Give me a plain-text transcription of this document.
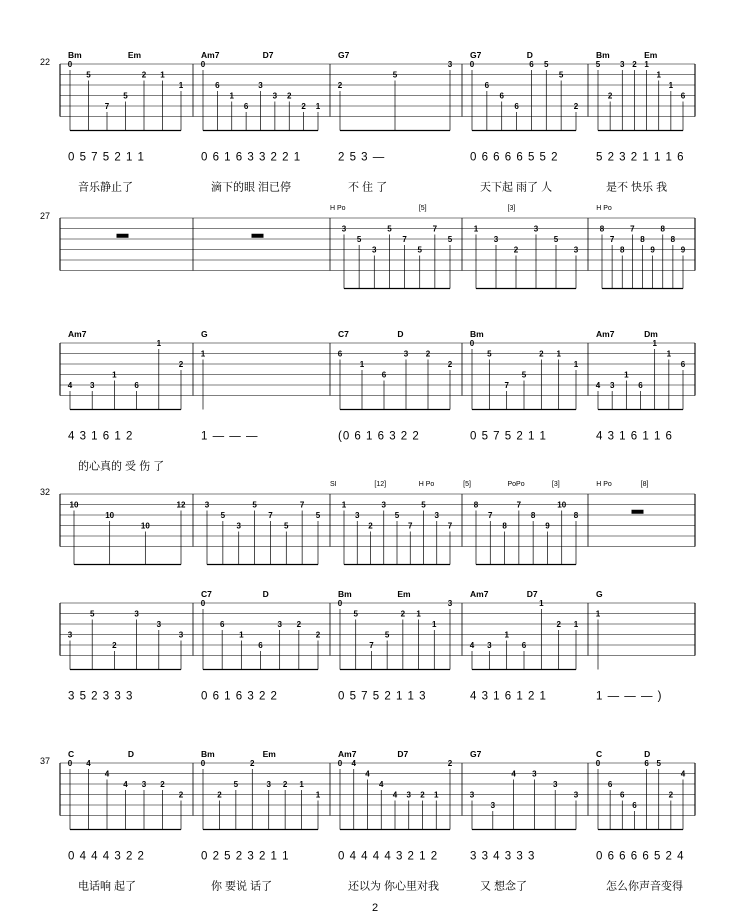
22
Bm	Em
0
5
7
5
2 1
1
0 5 7 5 2 1 1
音乐静止了
Am7	D7
0
6
1
6
3
3 2
2 1
0 6 1 6 3 3 2 2 1
滴下的眼 泪已停
G7
2
5
3
2 5 3 —
不 住 了
G7	D
0
6
6
6
6 5
5
2
0 6 6 6 6 5 5 2
天下起 雨了 人
Bm	Em
5
2
3 2 1
1
1
6
5 2 3 2 1 1 1 6
是不 快乐 我
27
3
5
3
5
7
5
7
5
1
3
2
3
5
3
8
7
8
7
8
9
8
8
9
H Po	[5]	[3]	H Po
Am7
4 3
1
6
1
2
4 3 1 6 1 2
的心真的 受 伤 了
G
1
1 — — —
C7	D
6
1
6
3 2
2
(0 6 1 6 3 2 2
Bm
0
5
7
5
2 1
1
0 5 7 5 2 1 1
Am7	Dm
4 3
1
6
1
1
6
4 3 1 6 1 1 6
32
10
10
10
12 3
5
3
5
7
5
7
5
1
3
2
3
5
7
5
3
7
8
7
8
7
8
9
10
8
SI	[12]	H Po	[5]	PoPo	[3]	H Po	[8]
3
5
2
3
3
3
3 5 2 3 3 3
C7	D
0
6
1
6
3 2
2
0 6 1 6 3 2 2
Bm	Em
0
5
7
5
2 1
1
3
0 5 7 5 2 1 1 3
Am7	D7
4 3
1
6
1
2 1
4 3 1 6 1 2 1
G
1
1 — — — )
37
C	D
0 4
4
4 3 2
2
0 4 4 4 3 2 2
电话响 起了
Bm	Em
0
2
5
2
3 2 1
1
0 2 5 2 3 2 1 1
你 要说 话了
Am7	D7
0 4
4
4
4 3 2 1
2
0 4 4 4 4 3 2 1 2
还以为 你心里对我
G7
3
3
4 3
3
3
3 3 4 3 3 3
又 想念了
C	D
0
6
6
6
6 5
2
4
0 6 6 6 6 5 2 4
怎么你声音变得
2
